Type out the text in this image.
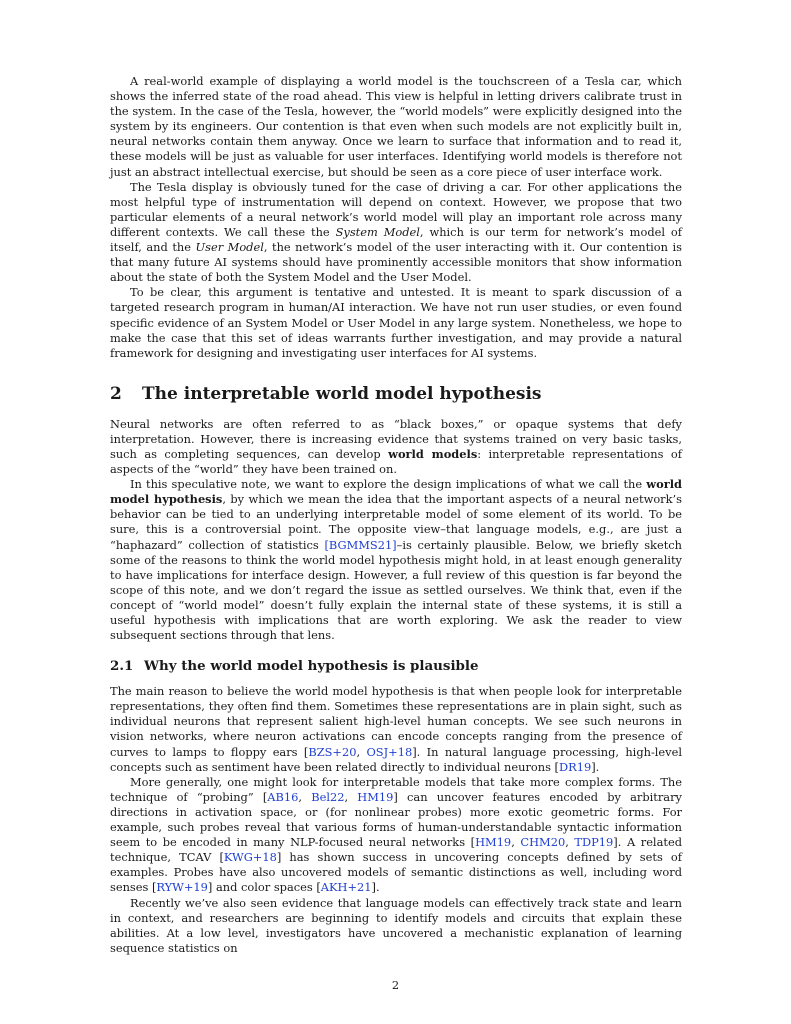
A real-world example of displaying a world model is the touchscreen of a Tesla car, which shows the inferred state of the road ahead. This view is helpful in letting drivers calibrate trust in the system. In the case of the Tesla, however, the “world models” were explicitly designed into the system by its engineers. Our contention is that even when such models are not explicitly built in, neural networks contain them anyway. Once we learn to surface that information and to read it, these models will be just as valuable for user interfaces. Identifying world models is therefore not just an abstract intellectual exercise, but should be seen as a core piece of user interface work.

The Tesla display is obviously tuned for the case of driving a car. For other applications the most helpful type of instrumentation will depend on context. However, we propose that two particular elements of a neural network’s world model will play an important role across many different contexts. We call these the System Model, which is our term for network’s model of itself, and the User Model, the network’s model of the user interacting with it. Our contention is that many future AI systems should have prominently accessible monitors that show information about the state of both the System Model and the User Model.

To be clear, this argument is tentative and untested. It is meant to spark discussion of a targeted research program in human/AI interaction. We have not run user studies, or even found specific evidence of an System Model or User Model in any large system. Nonetheless, we hope to make the case that this set of ideas warrants further investigation, and may provide a natural framework for designing and investigating user interfaces for AI systems.

2 The interpretable world model hypothesis

Neural networks are often referred to as “black boxes,” or opaque systems that defy interpretation. However, there is increasing evidence that systems trained on very basic tasks, such as completing sequences, can develop world models: interpretable representations of aspects of the “world” they have been trained on.

In this speculative note, we want to explore the design implications of what we call the world model hypothesis, by which we mean the idea that the important aspects of a neural network’s behavior can be tied to an underlying interpretable model of some element of its world. To be sure, this is a controversial point. The opposite view–that language models, e.g., are just a “haphazard” collection of statistics [BGMMS21]–is certainly plausible. Below, we briefly sketch some of the reasons to think the world model hypothesis might hold, in at least enough generality to have implications for interface design. However, a full review of this question is far beyond the scope of this note, and we don’t regard the issue as settled ourselves. We think that, even if the concept of “world model” doesn’t fully explain the internal state of these systems, it is still a useful hypothesis with implications that are worth exploring. We ask the reader to view subsequent sections through that lens.

2.1 Why the world model hypothesis is plausible

The main reason to believe the world model hypothesis is that when people look for interpretable representations, they often find them. Sometimes these representations are in plain sight, such as individual neurons that represent salient high-level human concepts. We see such neurons in vision networks, where neuron activations can encode concepts ranging from the presence of curves to lamps to floppy ears [BZS+20, OSJ+18]. In natural language processing, high-level concepts such as sentiment have been related directly to individual neurons [DR19].

More generally, one might look for interpretable models that take more complex forms. The technique of “probing” [AB16, Bel22, HM19] can uncover features encoded by arbitrary directions in activation space, or (for nonlinear probes) more exotic geometric forms. For example, such probes reveal that various forms of human-understandable syntactic information seem to be encoded in many NLP-focused neural networks [HM19, CHM20, TDP19]. A related technique, TCAV [KWG+18] has shown success in uncovering concepts defined by sets of examples. Probes have also uncovered models of semantic distinctions as well, including word senses [RYW+19] and color spaces [AKH+21].

Recently we’ve also seen evidence that language models can effectively track state and learn in context, and researchers are beginning to identify models and circuits that explain these abilities. At a low level, investigators have uncovered a mechanistic explanation of learning sequence statistics on

2
